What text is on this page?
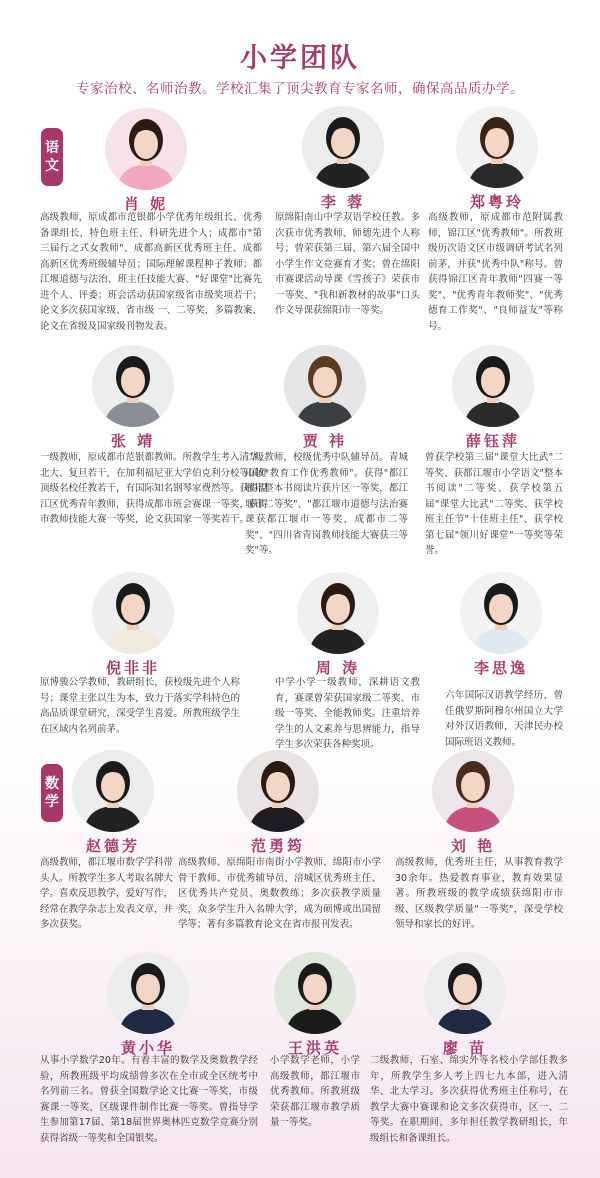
小学团队
专家治校、名师治教。学校汇集了顶尖教育专家名师，确保高品质办学。
语
文
数
学
肖 妮
高级教师，原成都市范银都小学优秀年级组长、优秀备课组长，特色班主任、科研先进个人；成都市"第三届行之式女教师"、成都高新区优秀班主任、成都高新区优秀班级辅导员；国际理解课程种子教师；都江堰道德与法治、班主任技能大赛、"好课堂"比赛先进个人、评委；班会活动获国家级省市级奖项若干；论文多次获国家级、省市级 一、二等奖，多篇教案、论文在省级及国家级刊物发表。
李 蓉
原绵阳南山中学双语学校任教。多次获市优秀教师、师德先进个人称号；曾荣获第三届、第六届全国中小学生作文竞赛育才奖；曾在绵阳市赛课活动导课《雪孩子》荣获市一等奖、"我和新教材的故事"口头作文导课获绵阳市一等奖。
郑粤玲
高级教师，原成都市范附属教师，锦江区"优秀教师"。所教班级历次语文区市级调研考试名列前茅，并获"优秀中队"称号。曾获得锦江区青年教师"四赛一等奖"、"优秀青年教师奖"、"优秀德育工作奖"、"良师益友"等称号。
张 靖
一级教师，原成都市范银都教师。所教学生考入清华、北大、复旦若干，在加利福尼亚大学伯克利分校等国外顶级名校任教若干，有国际知名钢琴家费然等。获得温江区优秀青年教师，获得成都市班会赛课一等奖，获得市教师技能大赛一等奖，论文获国家一等奖若干。
贾 祎
二级教师，校级优秀中队辅导员。青城山镇"教育工作优秀教师"。获得"都江堰市整本书阅读片获片区一等奖，都江堰市二等奖"、"都江堰市道德与法治赛课获都江堰市一等奖，成都市二等奖"、"四川省青岗教师技能大赛获三等奖"等。
薛钰萍
曾获学校第三届"课堂大比武"二等奖、获都江堰市小学语文"整本书阅读"二等奖、获学校第五届"课堂大比武"二等奖、获学校班主任节"十佳班主任"、获学校第七届"领川好课堂"一等奖等荣誉。
倪非非
原博骏公学教师，教研组长，获校级先进个人称号；课堂主张以生为本，致力于落实学科特色的高品质课堂研究，深受学生喜爱。所教班级学生在区域内名列前茅。
周 涛
中学小学一级教师，深耕语文教育，赛课曾荣获国家级二等奖、市级一等奖、全能教师奖。注重培养学生的人文素养与思辨能力，指导学生多次荣获各种奖项。
李思逸
六年国际汉语教学经历，曾任俄罗斯阿穆尔州国立大学对外汉语教师，天津民办校国际班语文教师。
赵德芳
高级教师，都江堰市数学学科带头人。所教学生多人考取名牌大学。喜欢反思教学，爱好写作，经常在教学杂志上发表文章，并多次获奖。
范勇筠
高级教师、原绵阳市南街小学教师、绵阳市小学骨干教师、市优秀辅导员、涪城区优秀班主任、区优秀共产党员、奥数教练；多次获教学质量奖，众多学生升入名牌大学，成为硕博或出国留学等；著有多篇教育论文在省市报刊发表。
刘 艳
高级教师，优秀班主任，从事教育教学30余年。热爱教育事业，教育效果显著。所教班级的教学成绩获绵阳市市级、区级教学质量"一等奖"，深受学校领导和家长的好评。
黄小华
从事小学数学20年。有着丰富的数学及奥数教学经验，所教班级平均成绩曾多次在全市或全区统考中名列前三名。曾获全国数学论文比赛一等奖，市级赛课一等奖，区级课件制作比赛一等奖。曾指导学生参加第17届、第18届世界奥林匹克数学竞赛分别获得省级一等奖和全国银奖。
王洪英
小学数学老师，小学高级教师，都江堰市优秀教师。所教班级荣获都江堰市教学质量一等奖。
廖 苗
二级教师，石室、绵实外等名校小学部任教多年，所教学生多人考上四七九本部，进入清华、北大学习。多次获得优秀班主任称号，在教学大赛中赛课和论文多次获得市，区一、二等奖。在职期间，多年担任教学教研组长，年级组长和备课组长。
